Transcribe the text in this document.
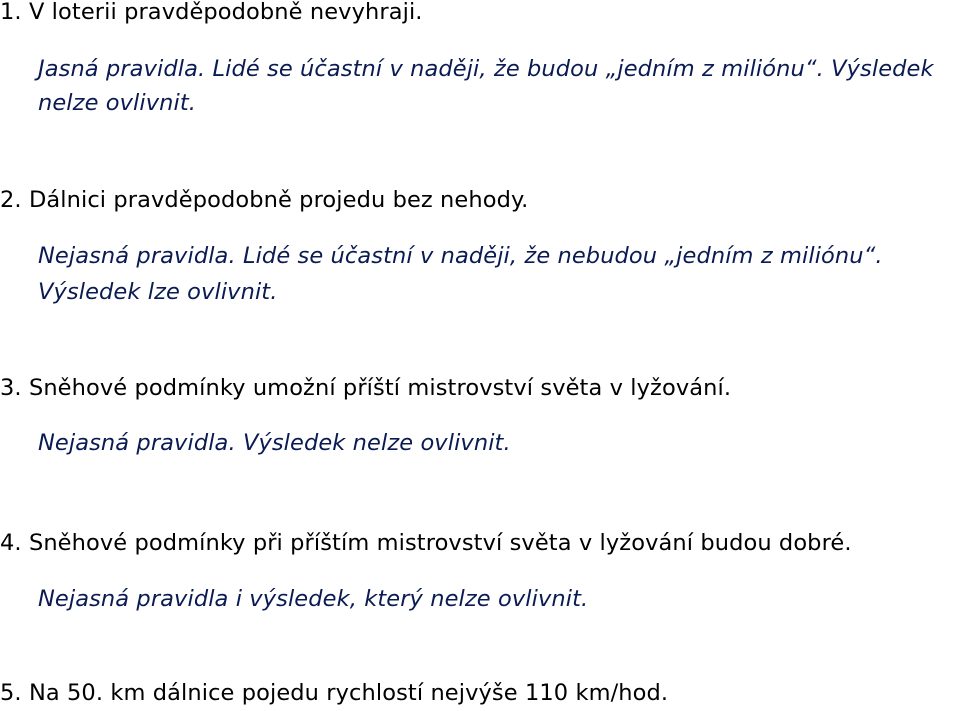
1. V loterii pravděpodobně nevyhraji.
Jasná pravidla. Lidé se účastní v naději, že budou „jedním z miliónu“. Výsledek
nelze ovlivnit.
2. Dálnici pravděpodobně projedu bez nehody.
Nejasná pravidla. Lidé se účastní v naději, že nebudou „jedním z miliónu“.
Výsledek lze ovlivnit.
3. Sněhové podmínky umožní příští mistrovství světa v lyžování.
Nejasná pravidla. Výsledek nelze ovlivnit.
4. Sněhové podmínky při příštím mistrovství světa v lyžování budou dobré.
Nejasná pravidla i výsledek, který nelze ovlivnit.
5. Na 50. km dálnice pojedu rychlostí nejvýše 110 km/hod.
